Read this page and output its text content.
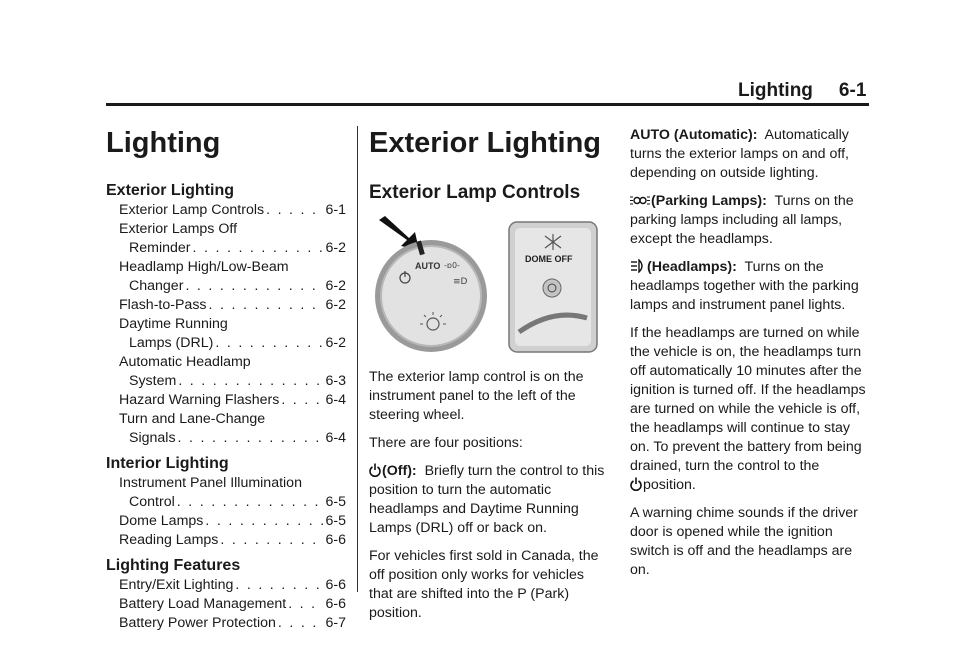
Lighting 6-1
Lighting
Exterior Lighting
Exterior Lamp Controls . . .	6-1
Exterior Lamps Off
Reminder . . .	6-2
Headlamp High/Low-Beam
Changer . . .	6-2
Flash-to-Pass . . .	6-2
Daytime Running
Lamps (DRL) . . .	6-2
Automatic Headlamp
System . . .	6-3
Hazard Warning Flashers . . .	6-4
Turn and Lane-Change
Signals . . .	6-4
Interior Lighting
Instrument Panel Illumination
Control . . .	6-5
Dome Lamps . . .	6-5
Reading Lamps . . .	6-6
Lighting Features
Entry/Exit Lighting . . .	6-6
Battery Load Management . . .	6-6
Battery Power Protection . . .	6-7
Exterior Lighting
Exterior Lamp Controls
AUTO -ɒ0-
≡D
DOME OFF

The exterior lamp control is on the instrument panel to the left of the steering wheel.

There are four positions:

(Off): Briefly turn the control to this position to turn the automatic headlamps and Daytime Running Lamps (DRL) off or back on.

For vehicles first sold in Canada, the off position only works for vehicles that are shifted into the P (Park) position.

AUTO (Automatic): Automatically turns the exterior lamps on and off, depending on outside lighting.

(Parking Lamps): Turns on the parking lamps including all lamps, except the headlamps.

(Headlamps): Turns on the headlamps together with the parking lamps and instrument panel lights.

If the headlamps are turned on while the vehicle is on, the headlamps turn off automatically 10 minutes after the ignition is turned off. If the headlamps are turned on while the vehicle is off, the headlamps will continue to stay on. To prevent the battery from being drained, turn the control to the
position.

A warning chime sounds if the driver door is opened while the ignition switch is off and the headlamps are on.
